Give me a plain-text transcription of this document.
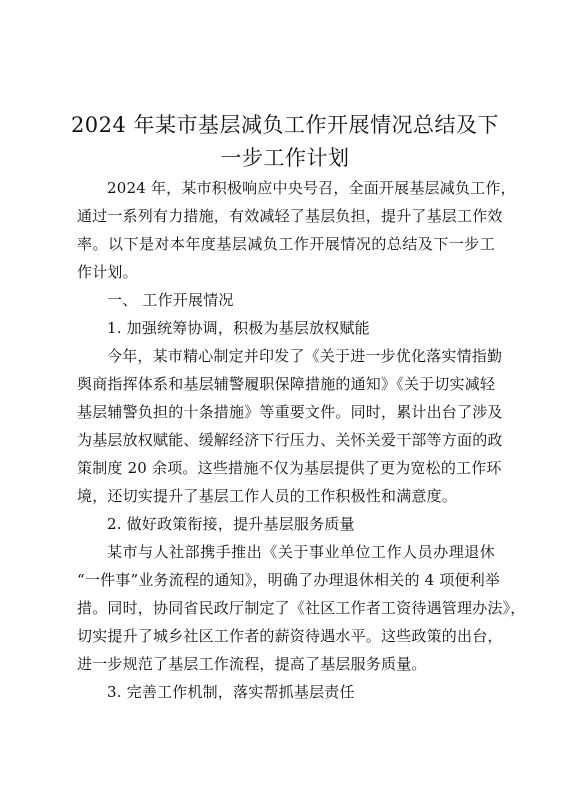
2024 年某市基层减负工作开展情况总结及下
一步工作计划
2024 年，某市积极响应中央号召，全面开展基层减负工作，
通过一系列有力措施，有效减轻了基层负担，提升了基层工作效
率。以下是对本年度基层减负工作开展情况的总结及下一步工
作计划。
一、 工作开展情况
1. 加强统筹协调，积极为基层放权赋能
今年，某市精心制定并印发了《关于进一步优化落实情指勤
舆商指挥体系和基层辅警履职保障措施的通知》《关于切实减轻
基层辅警负担的十条措施》等重要文件。同时，累计出台了涉及
为基层放权赋能、缓解经济下行压力、关怀关爱干部等方面的政
策制度 20 余项。这些措施不仅为基层提供了更为宽松的工作环
境，还切实提升了基层工作人员的工作积极性和满意度。
2. 做好政策衔接，提升基层服务质量
某市与人社部携手推出《关于事业单位工作人员办理退休
“一件事”业务流程的通知》，明确了办理退休相关的 4 项便利举
措。同时，协同省民政厅制定了《社区工作者工资待遇管理办法》，
切实提升了城乡社区工作者的薪资待遇水平。这些政策的出台，
进一步规范了基层工作流程，提高了基层服务质量。
3. 完善工作机制，落实帮抓基层责任
